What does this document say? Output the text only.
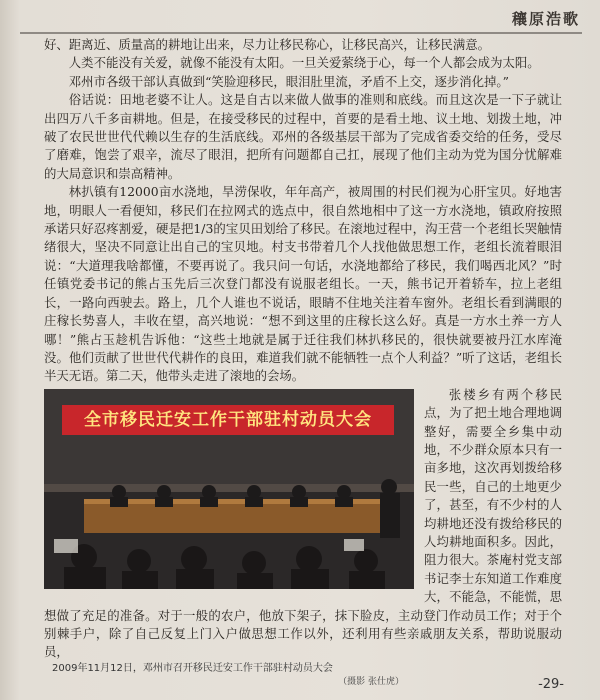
穰原浩歌

好、距离近、质量高的耕地让出来，尽力让移民称心，让移民高兴，让移民满意。

人类不能没有关爱，就像不能没有太阳。一旦关爱萦绕于心，每一个人都会成为太阳。

邓州市各级干部认真做到“笑脸迎移民，眼泪肚里流，矛盾不上交，逐步消化掉。”

俗话说：田地老婆不让人。这是自古以来做人做事的准则和底线。而且这次是一下子就让出四万八千多亩耕地。但是，在接受移民的过程中，首要的是看土地、议土地、划拨土地，冲破了农民世世代代赖以生存的生活底线。邓州的各级基层干部为了完成省委交给的任务，受尽了磨难，饱尝了艰辛，流尽了眼泪，把所有问题都自己扛，展现了他们主动为党为国分忧解难的大局意识和崇高精神。

林扒镇有12000亩水浇地，旱涝保收，年年高产，被周围的村民们视为心肝宝贝。好地害地，明眼人一看便知，移民们在拉网式的选点中，很自然地相中了这一方水浇地，镇政府按照承诺只好忍疼割爱，硬是把1/3的宝贝田划给了移民。在滚地过程中，沟王营一个老组长哭触情绪很大，坚决不同意让出自己的宝贝地。村支书带着几个人找他做思想工作，老组长流着眼泪说：“大道理我啥都懂，不要再说了。我只问一句话，水浇地都给了移民，我们喝西北风？”时任镇党委书记的熊占玉先后三次登门都没有说服老组长。一天，熊书记开着轿车，拉上老组长，一路向西驶去。路上，几个人谁也不说话，眼睛不住地关注着车窗外。老组长看到满眼的庄稼长势喜人，丰收在望，高兴地说：“想不到这里的庄稼长这么好。真是一方水土养一方人哪！”熊占玉趁机告诉他：“这些土地就是属于迁往我们林扒移民的，很快就要被丹江水库淹没。他们贡献了世世代代耕作的良田，难道我们就不能牺牲一点个人利益？”听了这话，老组长半天无语。第二天，他带头走进了滚地的会场。

全市移民迁安工作干部驻村动员大会

张楼乡有两个移民点，为了把土地合理地调整好，需要全乡集中动地，不少群众原本只有一亩多地，这次再划拨给移民一些，自己的土地更少了，甚至，有不少村的人均耕地还没有拨给移民的人均耕地面积多。因此，阻力很大。茶庵村党支部书记李士东知道工作难度大，不能急，不能慌，思想做了充足的准备。对于一般的农户，他放下架子，抹下脸皮，主动登门作动员工作；对于个别棘手户，除了自己反复上门入户做思想工作以外，还利用有些亲戚朋友关系，帮助说服动员，

2009年11月12日，邓州市召开移民迁安工作干部驻村动员大会
（摄影 张仕虎）	-29-
